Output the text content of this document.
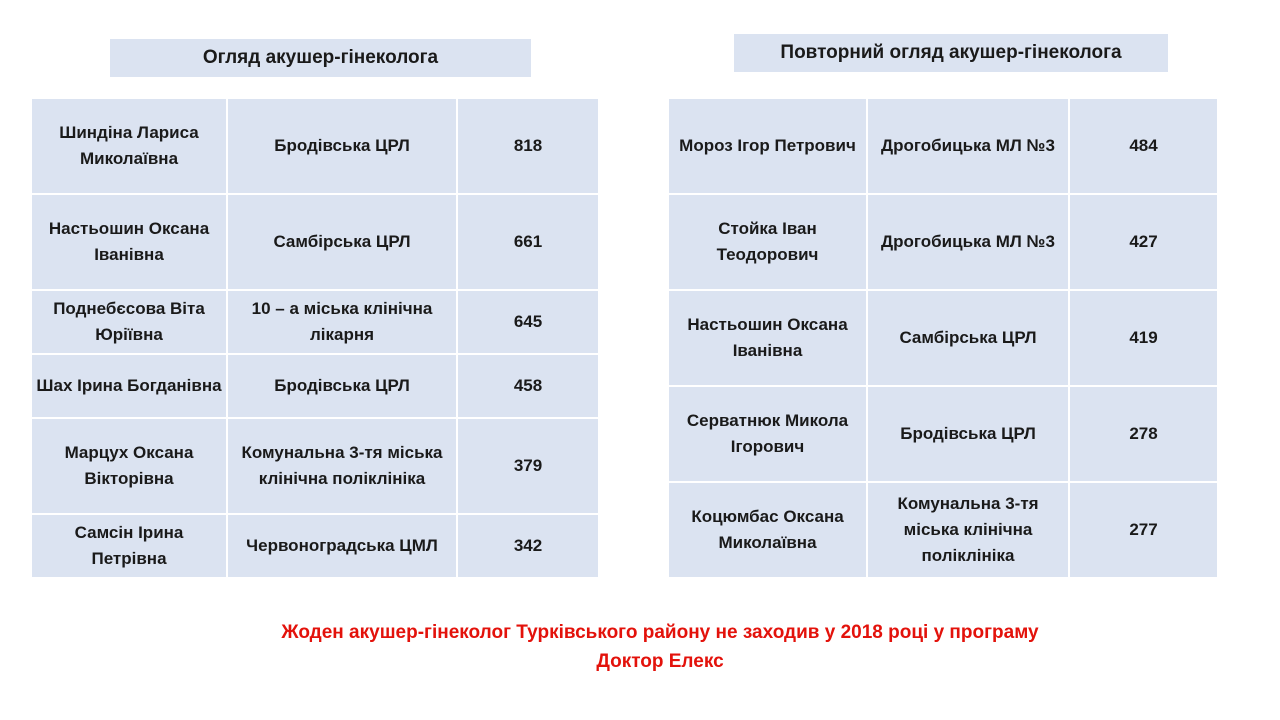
Огляд акушер-гінеколога	Повторний огляд акушер-гінеколога
Шиндіна Лариса Миколаївна	Бродівська ЦРЛ	818
Настьошин Оксана Іванівна	Самбірська ЦРЛ	661
Поднебєсова Віта Юріївна	10 – а міська клінічна лікарня	645
Шах Ірина Богданівна	Бродівська ЦРЛ	458
Марцух Оксана Вікторівна	Комунальна 3-тя міська клінічна поліклініка	379
Самсін Ірина Петрівна	Червоноградська ЦМЛ	342
Мороз Ігор Петрович	Дрогобицька МЛ №3	484
Стойка Іван Теодорович	Дрогобицька МЛ №3	427
Настьошин Оксана Іванівна	Самбірська ЦРЛ	419
Серватнюк Микола Ігорович	Бродівська ЦРЛ	278
Коцюмбас Оксана Миколаївна	Комунальна 3-тя міська клінічна поліклініка	277
Жоден акушер-гінеколог Турківського району не заходив у 2018 році у програму
Доктор Елекс
